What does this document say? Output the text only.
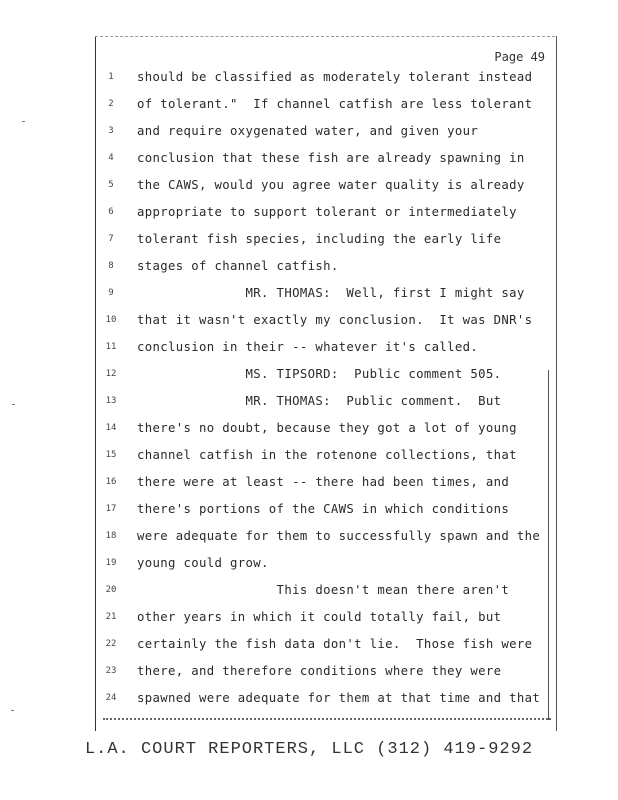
Page 49
1	should be classified as moderately tolerant instead
2	of tolerant."  If channel catfish are less tolerant
3	and require oxygenated water, and given your
4	conclusion that these fish are already spawning in
5	the CAWS, would you agree water quality is already
6	appropriate to support tolerant or intermediately
7	tolerant fish species, including the early life
8	stages of channel catfish.
9	MR. THOMAS:  Well, first I might say
10	that it wasn't exactly my conclusion.  It was DNR's
11	conclusion in their -- whatever it's called.
12	MS. TIPSORD:  Public comment 505.
13	MR. THOMAS:  Public comment.  But
14	there's no doubt, because they got a lot of young
15	channel catfish in the rotenone collections, that
16	there were at least -- there had been times, and
17	there's portions of the CAWS in which conditions
18	were adequate for them to successfully spawn and the
19	young could grow.
20	This doesn't mean there aren't
21	other years in which it could totally fail, but
22	certainly the fish data don't lie.  Those fish were
23	there, and therefore conditions where they were
24	spawned were adequate for them at that time and that
L.A. COURT REPORTERS, LLC (312) 419-9292
